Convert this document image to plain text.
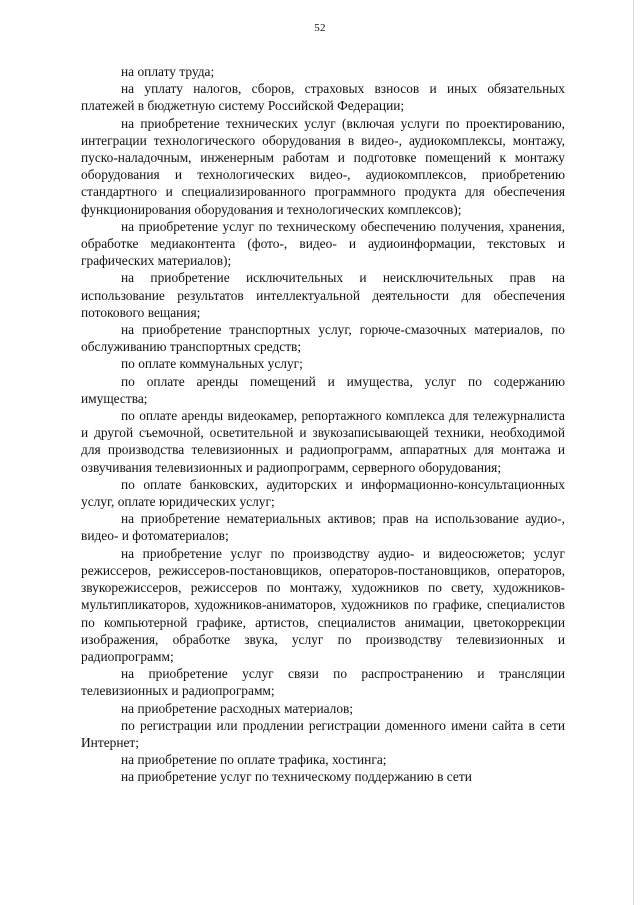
52

на оплату труда;

на уплату налогов, сборов, страховых взносов и иных обязательных платежей в бюджетную систему Российской Федерации;

на приобретение технических услуг (включая услуги по проектированию, интеграции технологического оборудования в видео-, аудиокомплексы, монтажу, пуско-наладочным, инженерным работам и подготовке помещений к монтажу оборудования и технологических видео-, аудиокомплексов, приобретению стандартного и специализированного программного продукта для обеспечения функционирования оборудования и технологических комплексов);

на приобретение услуг по техническому обеспечению получения, хранения, обработке медиаконтента (фото-, видео- и аудиоинформации, текстовых и графических материалов);

на приобретение исключительных и неисключительных прав на использование результатов интеллектуальной деятельности для обеспечения потокового вещания;

на приобретение транспортных услуг, горюче-смазочных материалов, по обслуживанию транспортных средств;

по оплате коммунальных услуг;

по оплате аренды помещений и имущества, услуг по содержанию имущества;

по оплате аренды видеокамер, репортажного комплекса для тележурналиста и другой съемочной, осветительной и звукозаписывающей техники, необходимой для производства телевизионных и радиопрограмм, аппаратных для монтажа и озвучивания телевизионных и радиопрограмм, серверного оборудования;

по оплате банковских, аудиторских и информационно-консультационных услуг, оплате юридических услуг;

на приобретение нематериальных активов; прав на использование аудио-, видео- и фотоматериалов;

на приобретение услуг по производству аудио- и видеосюжетов; услуг режиссеров, режиссеров-постановщиков, операторов-постановщиков, операторов, звукорежиссеров, режиссеров по монтажу, художников по свету, художников-мультипликаторов, художников-аниматоров, художников по графике, специалистов по компьютерной графике, артистов, специалистов анимации, цветокоррекции изображения, обработке звука, услуг по производству телевизионных и радиопрограмм;

на приобретение услуг связи по распространению и трансляции телевизионных и радиопрограмм;

на приобретение расходных материалов;

по регистрации или продлении регистрации доменного имени сайта в сети Интернет;

на приобретение по оплате трафика, хостинга;

на приобретение услуг по техническому поддержанию в сети
